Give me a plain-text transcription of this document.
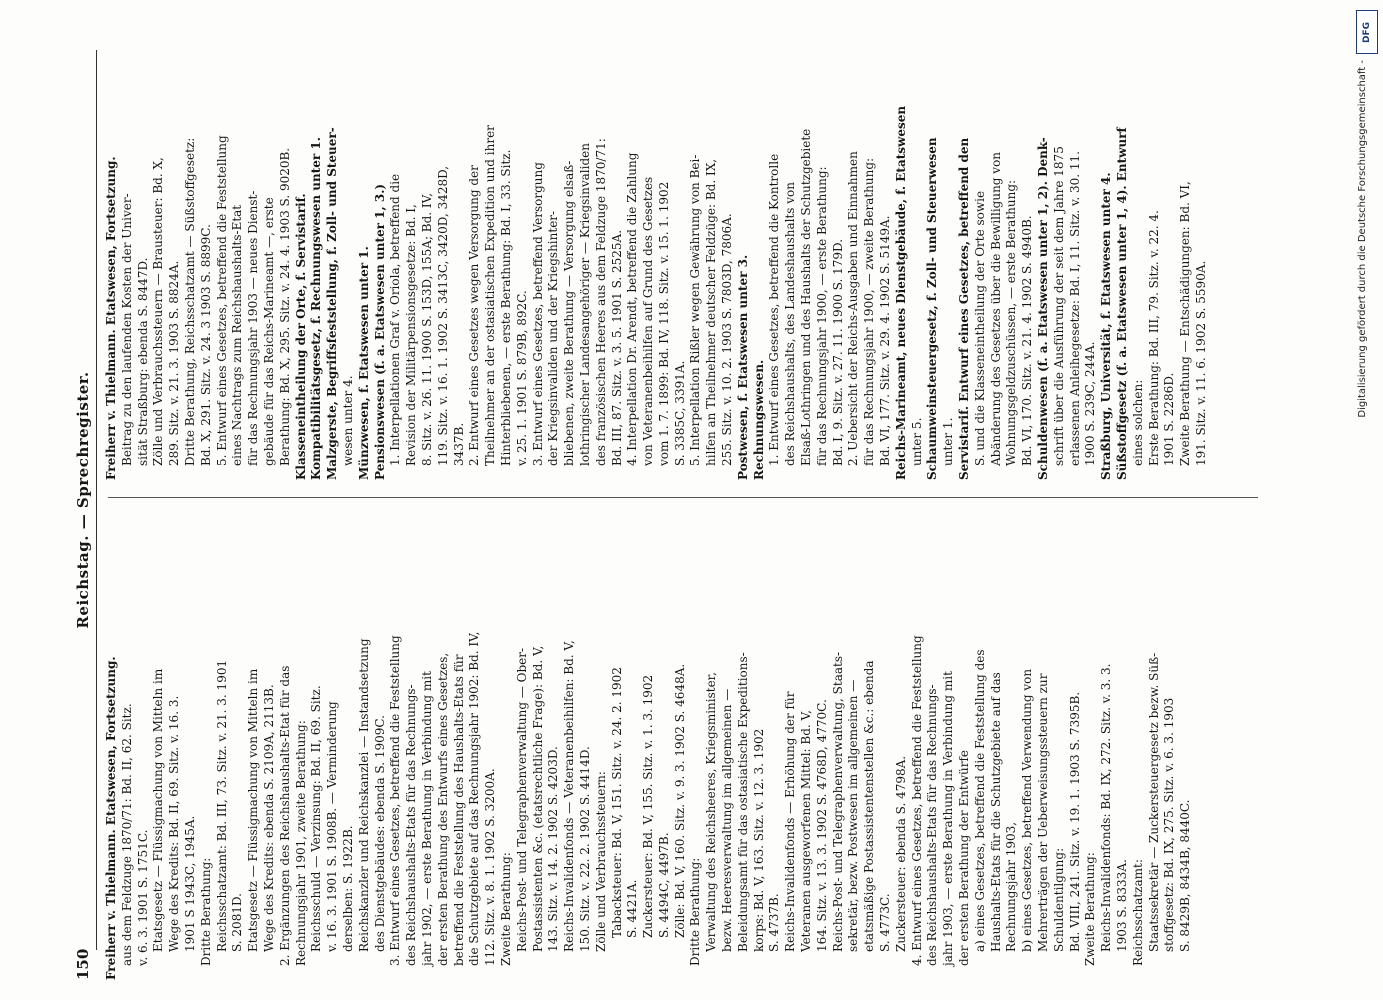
150
Reichstag. — Sprechregister.
Freiherr v. Thielmann. Etatswesen, Fortsetzung. aus dem Feldzuge 1870/71: Bd. II, 62. Sitz. v. 6. 3. 1901 S. 1751C. Etatsgesetz — Flüssigmachung von Mitteln im Wege des Kredits: Bd. II, 69. Sitz. v. 16. 3. 1901 S 1943C, 1945A. Dritte Berathung: Reichsschatzamt: Bd. III, 73. Sitz. v. 21. 3. 1901 S. 2081D. Etatsgesetz — Flüssigmachung von Mitteln im Wege des Kredits: ebenda S. 2109A, 2113B. 2. Ergänzungen des Reichshaushalts-Etat für das Rechnungsjahr 1901, zweite Berathung: Reichsschuld — Verzinsung: Bd. II, 69. Sitz. v. 16. 3. 1901 S. 1908B. — Verminderung derselben: S. 1922B. Reichskanzler und Reichskanzlei — Instandsetzung des Dienstgebäudes: ebenda S. 1909C. 3. Entwurf eines Gesetzes, betreffend die Feststellung des Reichshaushalts-Etats für das Rechnungs- jahr 1902, — erste Berathung in Verbindung mit der ersten Berathung des Entwurfs eines Gesetzes, betreffend die Feststellung des Haushalts-Etats für die Schutzgebiete auf das Rechnungsjahr 1902: Bd. IV, 112. Sitz. v. 8. 1. 1902 S. 3200A. Zweite Berathung: Reichs-Post- und Telegraphenverwaltung — Ober- Postassistenten &c. (etatsrechtliche Frage): Bd. V, 143. Sitz. v. 14. 2. 1902 S. 4203D. Reichs-Invalidenfonds — Veteranenbeihilfen: Bd. V, 150. Sitz. v. 22. 2. 1902 S. 4414D. Zölle und Verbrauchssteuern: Tabacksteuer: Bd. V, 151. Sitz. v. 24. 2. 1902 S. 4421A. Zuckersteuer: Bd. V, 155. Sitz. v. 1. 3. 1902 S. 4494C, 4497B. Zölle: Bd. V, 160. Sitz. v. 9. 3. 1902 S. 4648A. Dritte Berathung: Verwaltung des Reichsheeres, Kriegsminister, bezw. Heeresverwaltung im allgemeinen — Beleidungsamt für das ostasiatische Expeditions- korps: Bd. V, 163. Sitz. v. 12. 3. 1902 S. 4737B. Reichs-Invalidenfonds — Erhöhung der für Veteranen ausgeworfenen Mittel: Bd. V, 164. Sitz. v. 13. 3. 1902 S. 4768D, 4770C. Reichs-Post- und Telegraphenverwaltung, Staats- sekretär, bezw. Postwesen im allgemeinen — etatsmäßige Postassistentenstellen &c.: ebenda S. 4773C. Zuckersteuer: ebenda S. 4798A. 4. Entwurf eines Gesetzes, betreffend die Feststellung des Reichshaushalts-Etats für das Rechnungs- jahr 1903, — erste Berathung in Verbindung mit der ersten Berathung der Entwürfe a) eines Gesetzes, betreffend die Feststellung des Haushalts-Etats für die Schutzgebiete auf das Rechnungsjahr 1903, b) eines Gesetzes, betreffend Verwendung von Mehrerträgen der Ueberweisungssteuern zur Schuldentilgung: Bd. VIII, 241. Sitz. v. 19. 1. 1903 S. 7395B. Zweite Berathung: Reichs-Invalidenfonds: Bd. IX, 272. Sitz. v. 3. 3. 1903 S. 8333A. Reichsschatzamt: Staatssekretär — Zuckersteuergesetz bezw. Süß- stoffgesetz: Bd. IX, 275. Sitz. v. 6. 3. 1903 S. 8429B, 8434B, 8440C.
Freiherr v. Thielmann. Etatswesen, Fortsetzung. Beitrag zu den laufenden Kosten der Univer- sität Straßburg: ebenda S. 8447D. Zölle und Verbrauchssteuern — Brausteuer: Bd. X, 289. Sitz. v. 21. 3. 1903 S. 8824A. Dritte Berathung, Reichsschatzamt — Süßstoffgesetz: Bd. X, 291. Sitz. v. 24. 3 1903 S. 8899C. 5. Entwurf eines Gesetzes, betreffend die Feststellung eines Nachtrags zum Reichshaushalts-Etat für das Rechnungsjahr 1903 — neues Dienst- gebäude für das Reichs-Marineamt —, erste Berathung: Bd. X, 295. Sitz. v. 24. 4. 1903 S. 9020B. Klasseneintheilung der Orte, f. Servistarif. Kompatibilitätsgesetz, f. Rechnungswesen unter 1. Malzgerste, Begriffsfeststellung, f. Zoll- und Steuer- wesen unter 4. Münzwesen, f. Etatswesen unter 1. Pensionswesen (f. a. Etatswesen unter 1, 3.) 1. Interpellationen Graf v. Oriola, betreffend die Revision der Militärpensionsgesetze: Bd. I, 8. Sitz. v. 26. 11. 1900 S. 153D, 155A; Bd. IV, 119. Sitz. v. 16. 1. 1902 S. 3413C, 3420D, 3428D, 3437B. 2. Entwurf eines Gesetzes wegen Versorgung der Theilnehmer an der ostasiatischen Expedition und ihrer Hinterbliebenen, — erste Berathung: Bd. I, 33. Sitz. v. 25. 1. 1901 S. 879B, 892C. 3. Entwurf eines Gesetzes, betreffend Versorgung der Kriegsinvaliden und der Kriegshinter- bliebenen, zweite Berathung — Versorgung elsaß- lothringischer Landesangehöriger — Kriegsinvaliden des französischen Heeres aus dem Feldzuge 1870/71: Bd. III, 87. Sitz. v. 3. 5. 1901 S. 2525A. 4. Interpellation Dr. Arendt, betreffend die Zahlung von Veteranenbeihilfen auf Grund des Gesetzes vom 1. 7. 1899: Bd. IV, 118. Sitz. v. 15. 1. 1902 S. 3385C, 3391A. 5. Interpellation Rißler wegen Gewährung von Bei- hilfen an Theilnehmer deutscher Feldzüge: Bd. IX, 255. Sitz. v. 10. 2. 1903 S. 7803D, 7806A. Postwesen, f. Etatswesen unter 3. Rechnungswesen. 1. Entwurf eines Gesetzes, betreffend die Kontrolle des Reichshaushalts, des Landeshaushalts von Elsaß-Lothringen und des Haushalts der Schutzgebiete für das Rechnungsjahr 1900, — erste Berathung: Bd. I, 9. Sitz. v. 27. 11. 1900 S. 179D. 2. Uebersicht der Reichs-Ausgaben und Einnahmen für das Rechnungsjahr 1900, — zweite Berathung: Bd. VI, 177. Sitz. v. 29. 4. 1902 S. 5149A. Reichs-Marineamt, neues Dienstgebäude, f. Etatswesen unter 5. Schaumweinsteuergesetz, f. Zoll- und Steuerwesen unter 1. Servistarif. Entwurf eines Gesetzes, betreffend den S. und die Klasseneintheilung der Orte sowie Abänderung des Gesetzes über die Bewilligung von Wohnungsgeldzuschüssen, — erste Berathung: Bd. VI, 170. Sitz. v. 21. 4. 1902 S. 4940B. Schuldenwesen (f. a. Etatswesen unter 1, 2). Denk- schrift über die Ausführung der seit dem Jahre 1875 erlassenen Anleihegesetze: Bd. I, 11. Sitz. v. 30. 11. 1900 S. 239C, 244A. Straßburg, Universität, f. Etatswesen unter 4. Süßstoffgesetz (f. a. Etatswesen unter 1, 4). Entwurf eines solchen: Erste Berathung: Bd. III, 79. Sitz. v. 22. 4. 1901 S. 2286D. Zweite Berathung — Entschädigungen: Bd. VI, 191. Sitz. v. 11. 6. 1902 S. 5590A.
DFG
Digitalisierung gefördert durch die Deutsche Forschungsgemeinschaft -
